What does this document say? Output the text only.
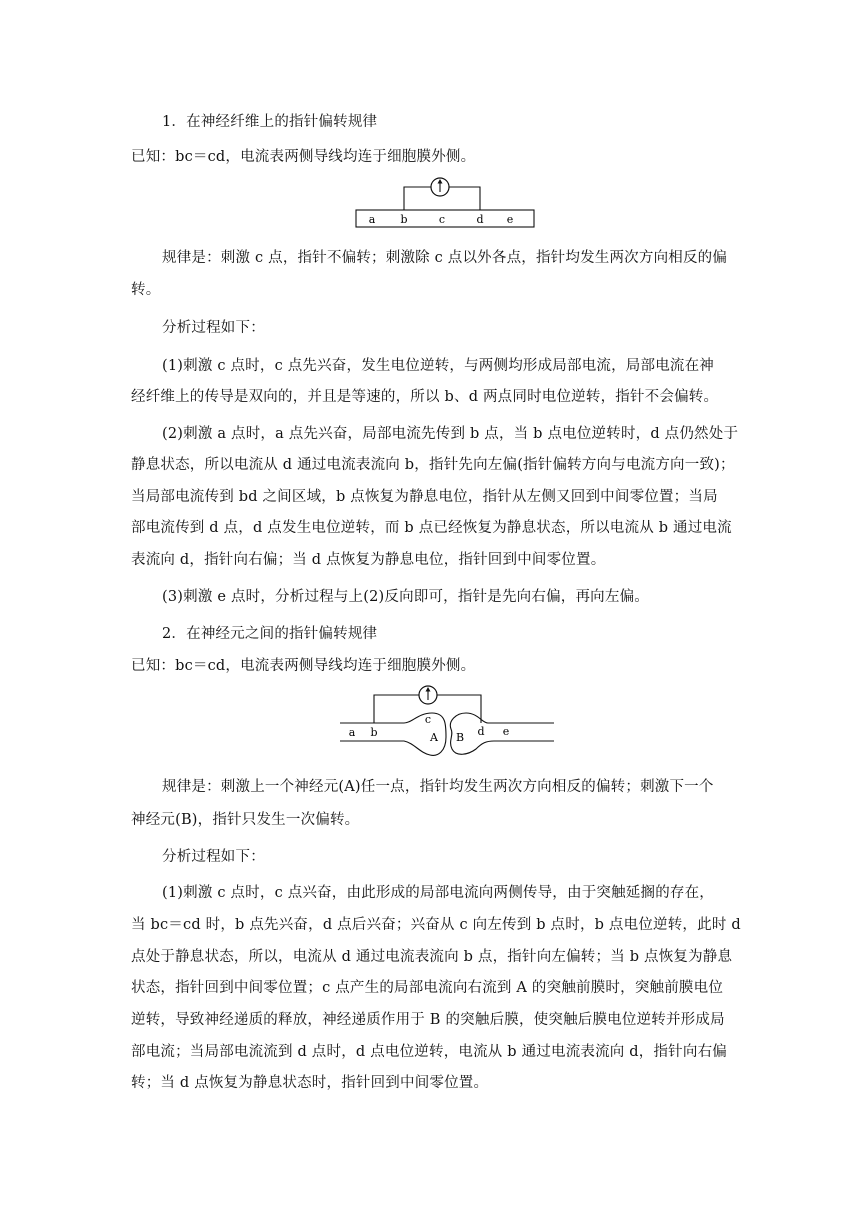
1．在神经纤维上的指针偏转规律
已知：bc＝cd，电流表两侧导线均连于细胞膜外侧。
a b	c	d e
规律是：刺激 c 点，指针不偏转；刺激除 c 点以外各点，指针均发生两次方向相反的偏
转。
分析过程如下：
(1)刺激 c 点时，c 点先兴奋，发生电位逆转，与两侧均形成局部电流，局部电流在神
经纤维上的传导是双向的，并且是等速的，所以 b、d 两点同时电位逆转，指针不会偏转。
(2)刺激 a 点时，a 点先兴奋，局部电流先传到 b 点，当 b 点电位逆转时，d 点仍然处于
静息状态，所以电流从 d 通过电流表流向 b，指针先向左偏(指针偏转方向与电流方向一致)；
当局部电流传到 bd 之间区域，b 点恢复为静息电位，指针从左侧又回到中间零位置；当局
部电流传到 d 点，d 点发生电位逆转，而 b 点已经恢复为静息状态，所以电流从 b 通过电流
表流向 d，指针向右偏；当 d 点恢复为静息电位，指针回到中间零位置。
(3)刺激 e 点时，分析过程与上(2)反向即可，指针是先向右偏，再向左偏。
2．在神经元之间的指针偏转规律
已知：bc＝cd，电流表两侧导线均连于细胞膜外侧。
a b
c
A B d e
规律是：刺激上一个神经元(A)任一点，指针均发生两次方向相反的偏转；刺激下一个
神经元(B)，指针只发生一次偏转。
分析过程如下：
(1)刺激 c 点时，c 点兴奋，由此形成的局部电流向两侧传导，由于突触延搁的存在，
当 bc＝cd 时，b 点先兴奋，d 点后兴奋；兴奋从 c 向左传到 b 点时，b 点电位逆转，此时 d
点处于静息状态，所以，电流从 d 通过电流表流向 b 点，指针向左偏转；当 b 点恢复为静息
状态，指针回到中间零位置；c 点产生的局部电流向右流到 A 的突触前膜时，突触前膜电位
逆转，导致神经递质的释放，神经递质作用于 B 的突触后膜，使突触后膜电位逆转并形成局
部电流；当局部电流流到 d 点时，d 点电位逆转，电流从 b 通过电流表流向 d，指针向右偏
转；当 d 点恢复为静息状态时，指针回到中间零位置。
